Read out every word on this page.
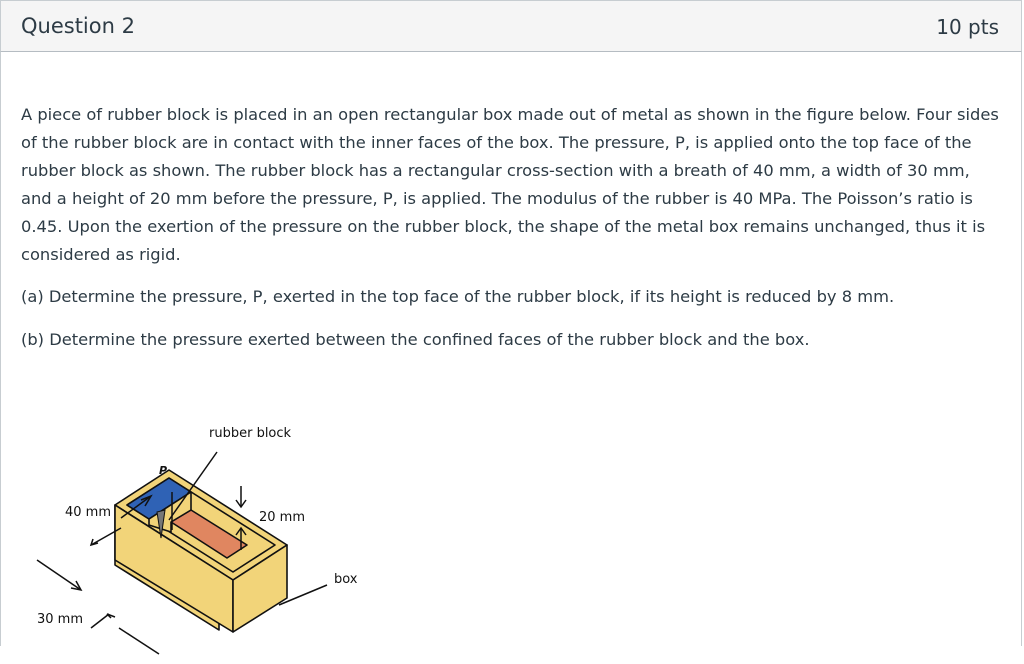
Question 2	10 pts

A piece of rubber block is placed in an open rectangular box made out of metal as shown in the figure below. Four sides of the rubber block are in contact with the inner faces of the box. The pressure, P, is applied onto the top face of the rubber block as shown. The rubber block has a rectangular cross-section with a breath of 40 mm, a width of 30 mm, and a height of 20 mm before the pressure, P, is applied. The modulus of the rubber is 40 MPa. The Poisson’s ratio is 0.45. Upon the exertion of the pressure on the rubber block, the shape of the metal box remains unchanged, thus it is considered as rigid.

(a) Determine the pressure, P, exerted in the top face of the rubber block, if its height is reduced by 8 mm.

(b) Determine the pressure exerted between the confined faces of the rubber block and the box.

rubber block
P
40 mm	20 mm
box
30 mm
